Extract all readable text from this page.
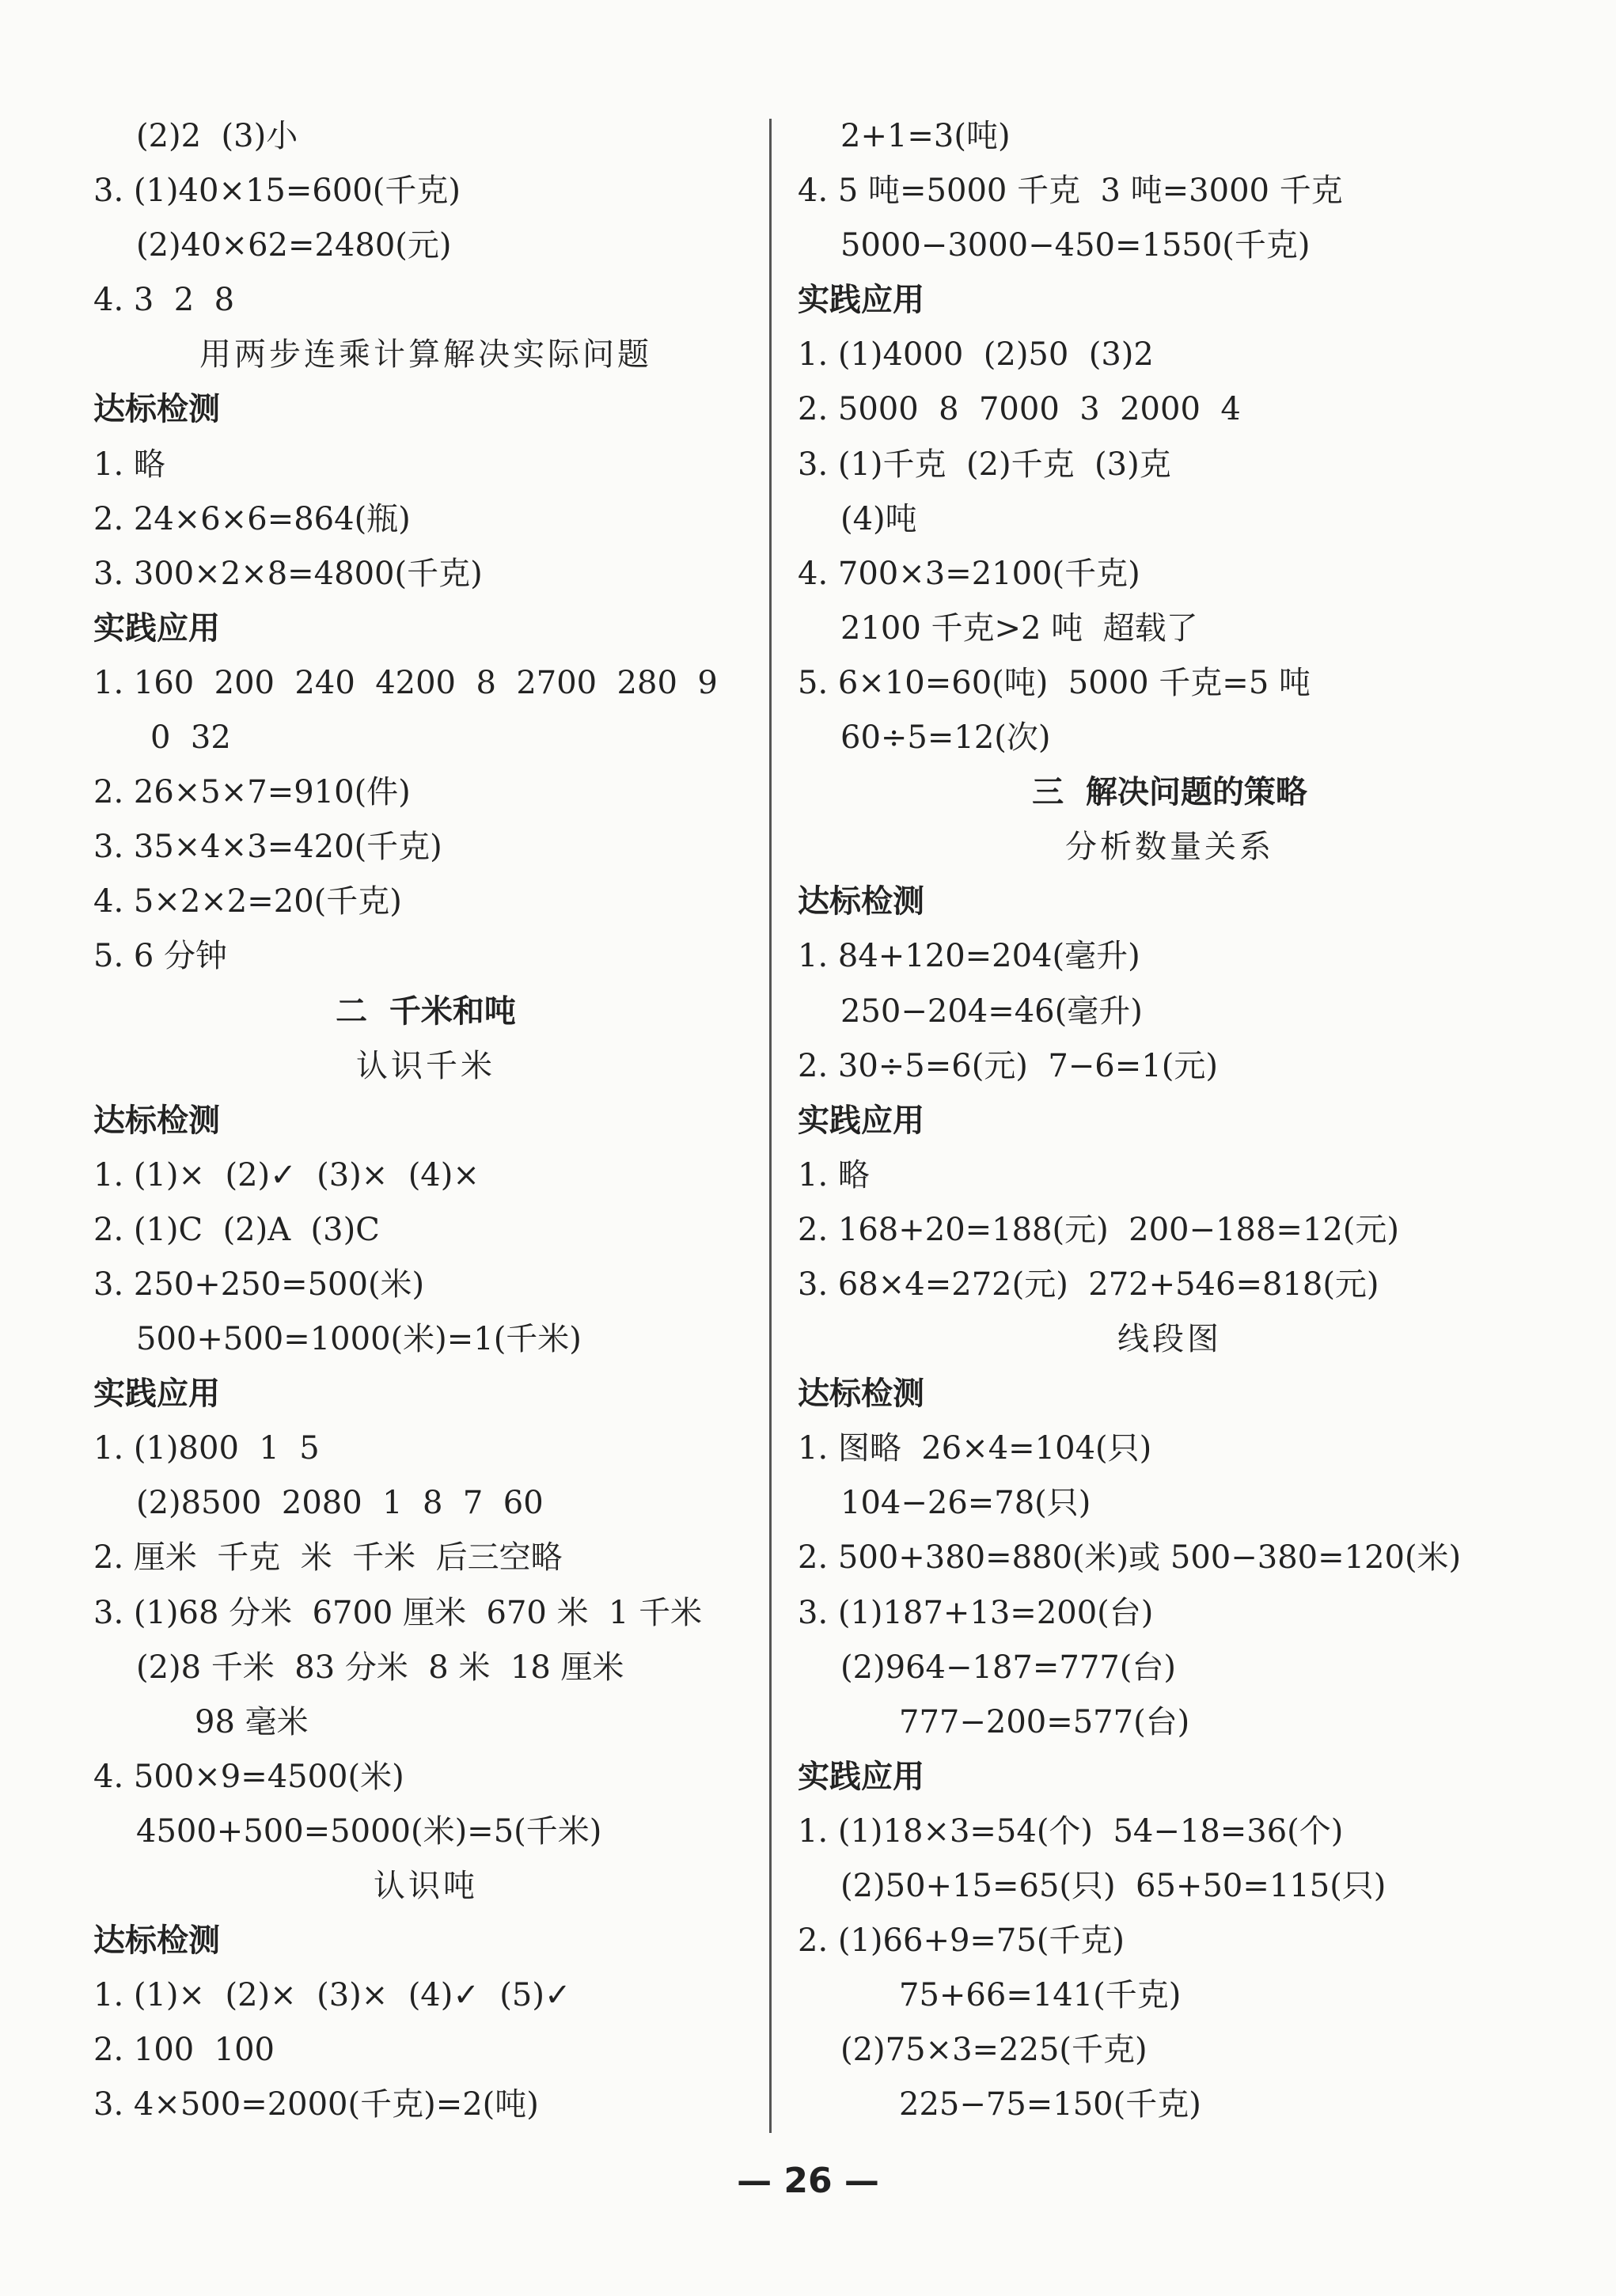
(2)2  (3)小
3. (1)40×15=600(千克)
(2)40×62=2480(元)
4. 3  2  8
用两步连乘计算解决实际问题
达标检测
1. 略
2. 24×6×6=864(瓶)
3. 300×2×8=4800(千克)
实践应用
1. 160  200  240  4200  8  2700  280  9
0  32
2. 26×5×7=910(件)
3. 35×4×3=420(千克)
4. 5×2×2=20(千克)
5. 6 分钟
二  千米和吨
认识千米
达标检测
1. (1)×  (2)✓  (3)×  (4)×
2. (1)C  (2)A  (3)C
3. 250+250=500(米)
500+500=1000(米)=1(千米)
实践应用
1. (1)800  1  5
(2)8500  2080  1  8  7  60
2. 厘米  千克  米  千米  后三空略
3. (1)68 分米  6700 厘米  670 米  1 千米
(2)8 千米  83 分米  8 米  18 厘米
98 毫米
4. 500×9=4500(米)
4500+500=5000(米)=5(千米)
认识吨
达标检测
1. (1)×  (2)×  (3)×  (4)✓  (5)✓
2. 100  100
3. 4×500=2000(千克)=2(吨)
2+1=3(吨)
4. 5 吨=5000 千克  3 吨=3000 千克
5000−3000−450=1550(千克)
实践应用
1. (1)4000  (2)50  (3)2
2. 5000  8  7000  3  2000  4
3. (1)千克  (2)千克  (3)克
(4)吨
4. 700×3=2100(千克)
2100 千克>2 吨  超载了
5. 6×10=60(吨)  5000 千克=5 吨
60÷5=12(次)
三  解决问题的策略
分析数量关系
达标检测
1. 84+120=204(毫升)
250−204=46(毫升)
2. 30÷5=6(元)  7−6=1(元)
实践应用
1. 略
2. 168+20=188(元)  200−188=12(元)
3. 68×4=272(元)  272+546=818(元)
线段图
达标检测
1. 图略  26×4=104(只)
104−26=78(只)
2. 500+380=880(米)或 500−380=120(米)
3. (1)187+13=200(台)
(2)964−187=777(台)
777−200=577(台)
实践应用
1. (1)18×3=54(个)  54−18=36(个)
(2)50+15=65(只)  65+50=115(只)
2. (1)66+9=75(千克)
75+66=141(千克)
(2)75×3=225(千克)
225−75=150(千克)
— 26 —
